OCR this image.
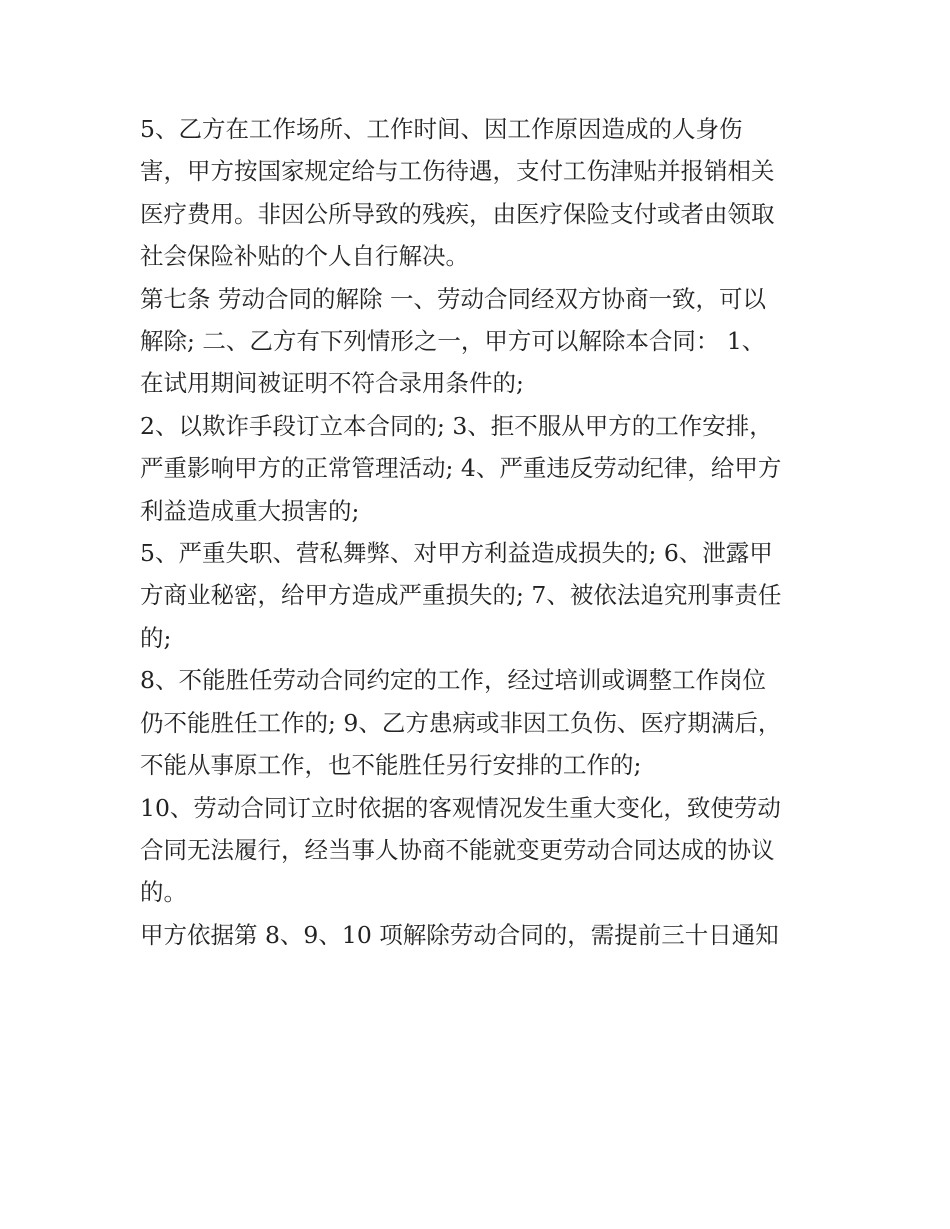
5、乙方在工作场所、工作时间、因工作原因造成的人身伤
害，甲方按国家规定给与工伤待遇，支付工伤津贴并报销相关
医疗费用。非因公所导致的残疾，由医疗保险支付或者由领取
社会保险补贴的个人自行解决。

第七条 劳动合同的解除 一、劳动合同经双方协商一致，可以
解除; 二、乙方有下列情形之一，甲方可以解除本合同： 1、
在试用期间被证明不符合录用条件的;

2、以欺诈手段订立本合同的; 3、拒不服从甲方的工作安排，
严重影响甲方的正常管理活动; 4、严重违反劳动纪律，给甲方
利益造成重大损害的;

5、严重失职、营私舞弊、对甲方利益造成损失的; 6、泄露甲
方商业秘密，给甲方造成严重损失的; 7、被依法追究刑事责任
的;

8、不能胜任劳动合同约定的工作，经过培训或调整工作岗位
仍不能胜任工作的; 9、乙方患病或非因工负伤、医疗期满后，
不能从事原工作，也不能胜任另行安排的工作的;

10、劳动合同订立时依据的客观情况发生重大变化，致使劳动
合同无法履行，经当事人协商不能就变更劳动合同达成的协议
的。

甲方依据第 8、9、10 项解除劳动合同的，需提前三十日通知
